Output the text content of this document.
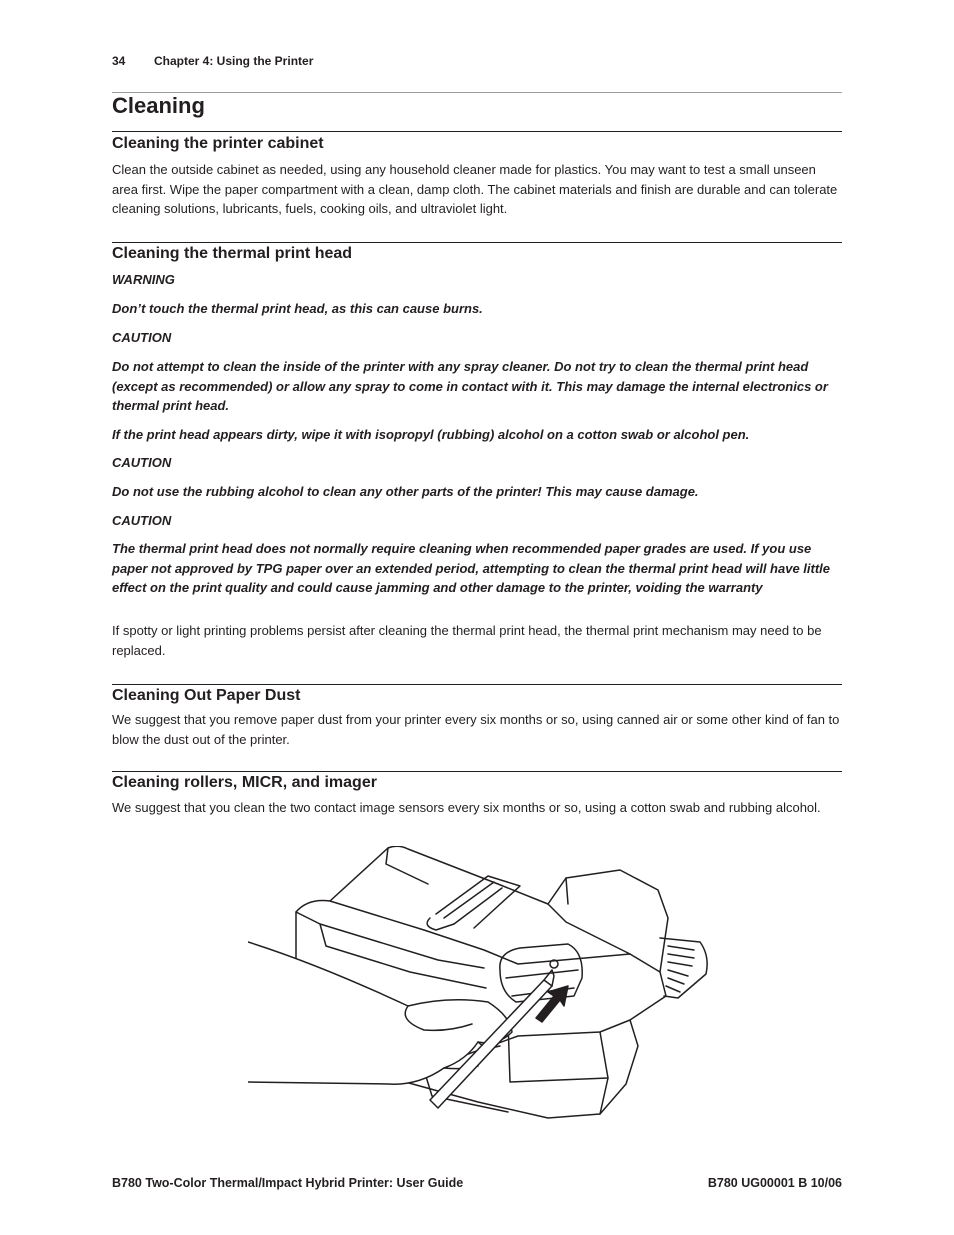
34 Chapter 4: Using the Printer
Cleaning
Cleaning the printer cabinet

Clean the outside cabinet as needed, using any household cleaner made for plastics. You may want to test a small unseen area first. Wipe the paper compartment with a clean, damp cloth. The cabinet materials and finish are durable and can tolerate cleaning solutions, lubricants, fuels, cooking oils, and ultraviolet light.

Cleaning the thermal print head

WARNING

Don’t touch the thermal print head, as this can cause burns.

CAUTION

Do not attempt to clean the inside of the printer with any spray cleaner. Do not try to clean the thermal print head (except as recommended) or allow any spray to come in contact with it. This may damage the internal electronics or thermal print head.

If the print head appears dirty, wipe it with isopropyl (rubbing) alcohol on a cotton swab or alcohol pen.

CAUTION

Do not use the rubbing alcohol to clean any other parts of the printer! This may cause damage.

CAUTION

The thermal print head does not normally require cleaning when recommended paper grades are used. If you use paper not approved by TPG paper over an extended period, attempting to clean the thermal print head will have little effect on the print quality and could cause jamming and other damage to the printer, voiding the warranty

If spotty or light printing problems persist after cleaning the thermal print head, the thermal print mechanism may need to be replaced.

Cleaning Out Paper Dust

We suggest that you remove paper dust from your printer every six months or so, using canned air or some other kind of fan to blow the dust out of the printer.

Cleaning rollers, MICR, and imager

We suggest that you clean the two contact image sensors every six months or so, using a cotton swab and rubbing alcohol.

B780 Two-Color Thermal/Impact Hybrid Printer: User Guide	B780 UG00001 B 10/06
